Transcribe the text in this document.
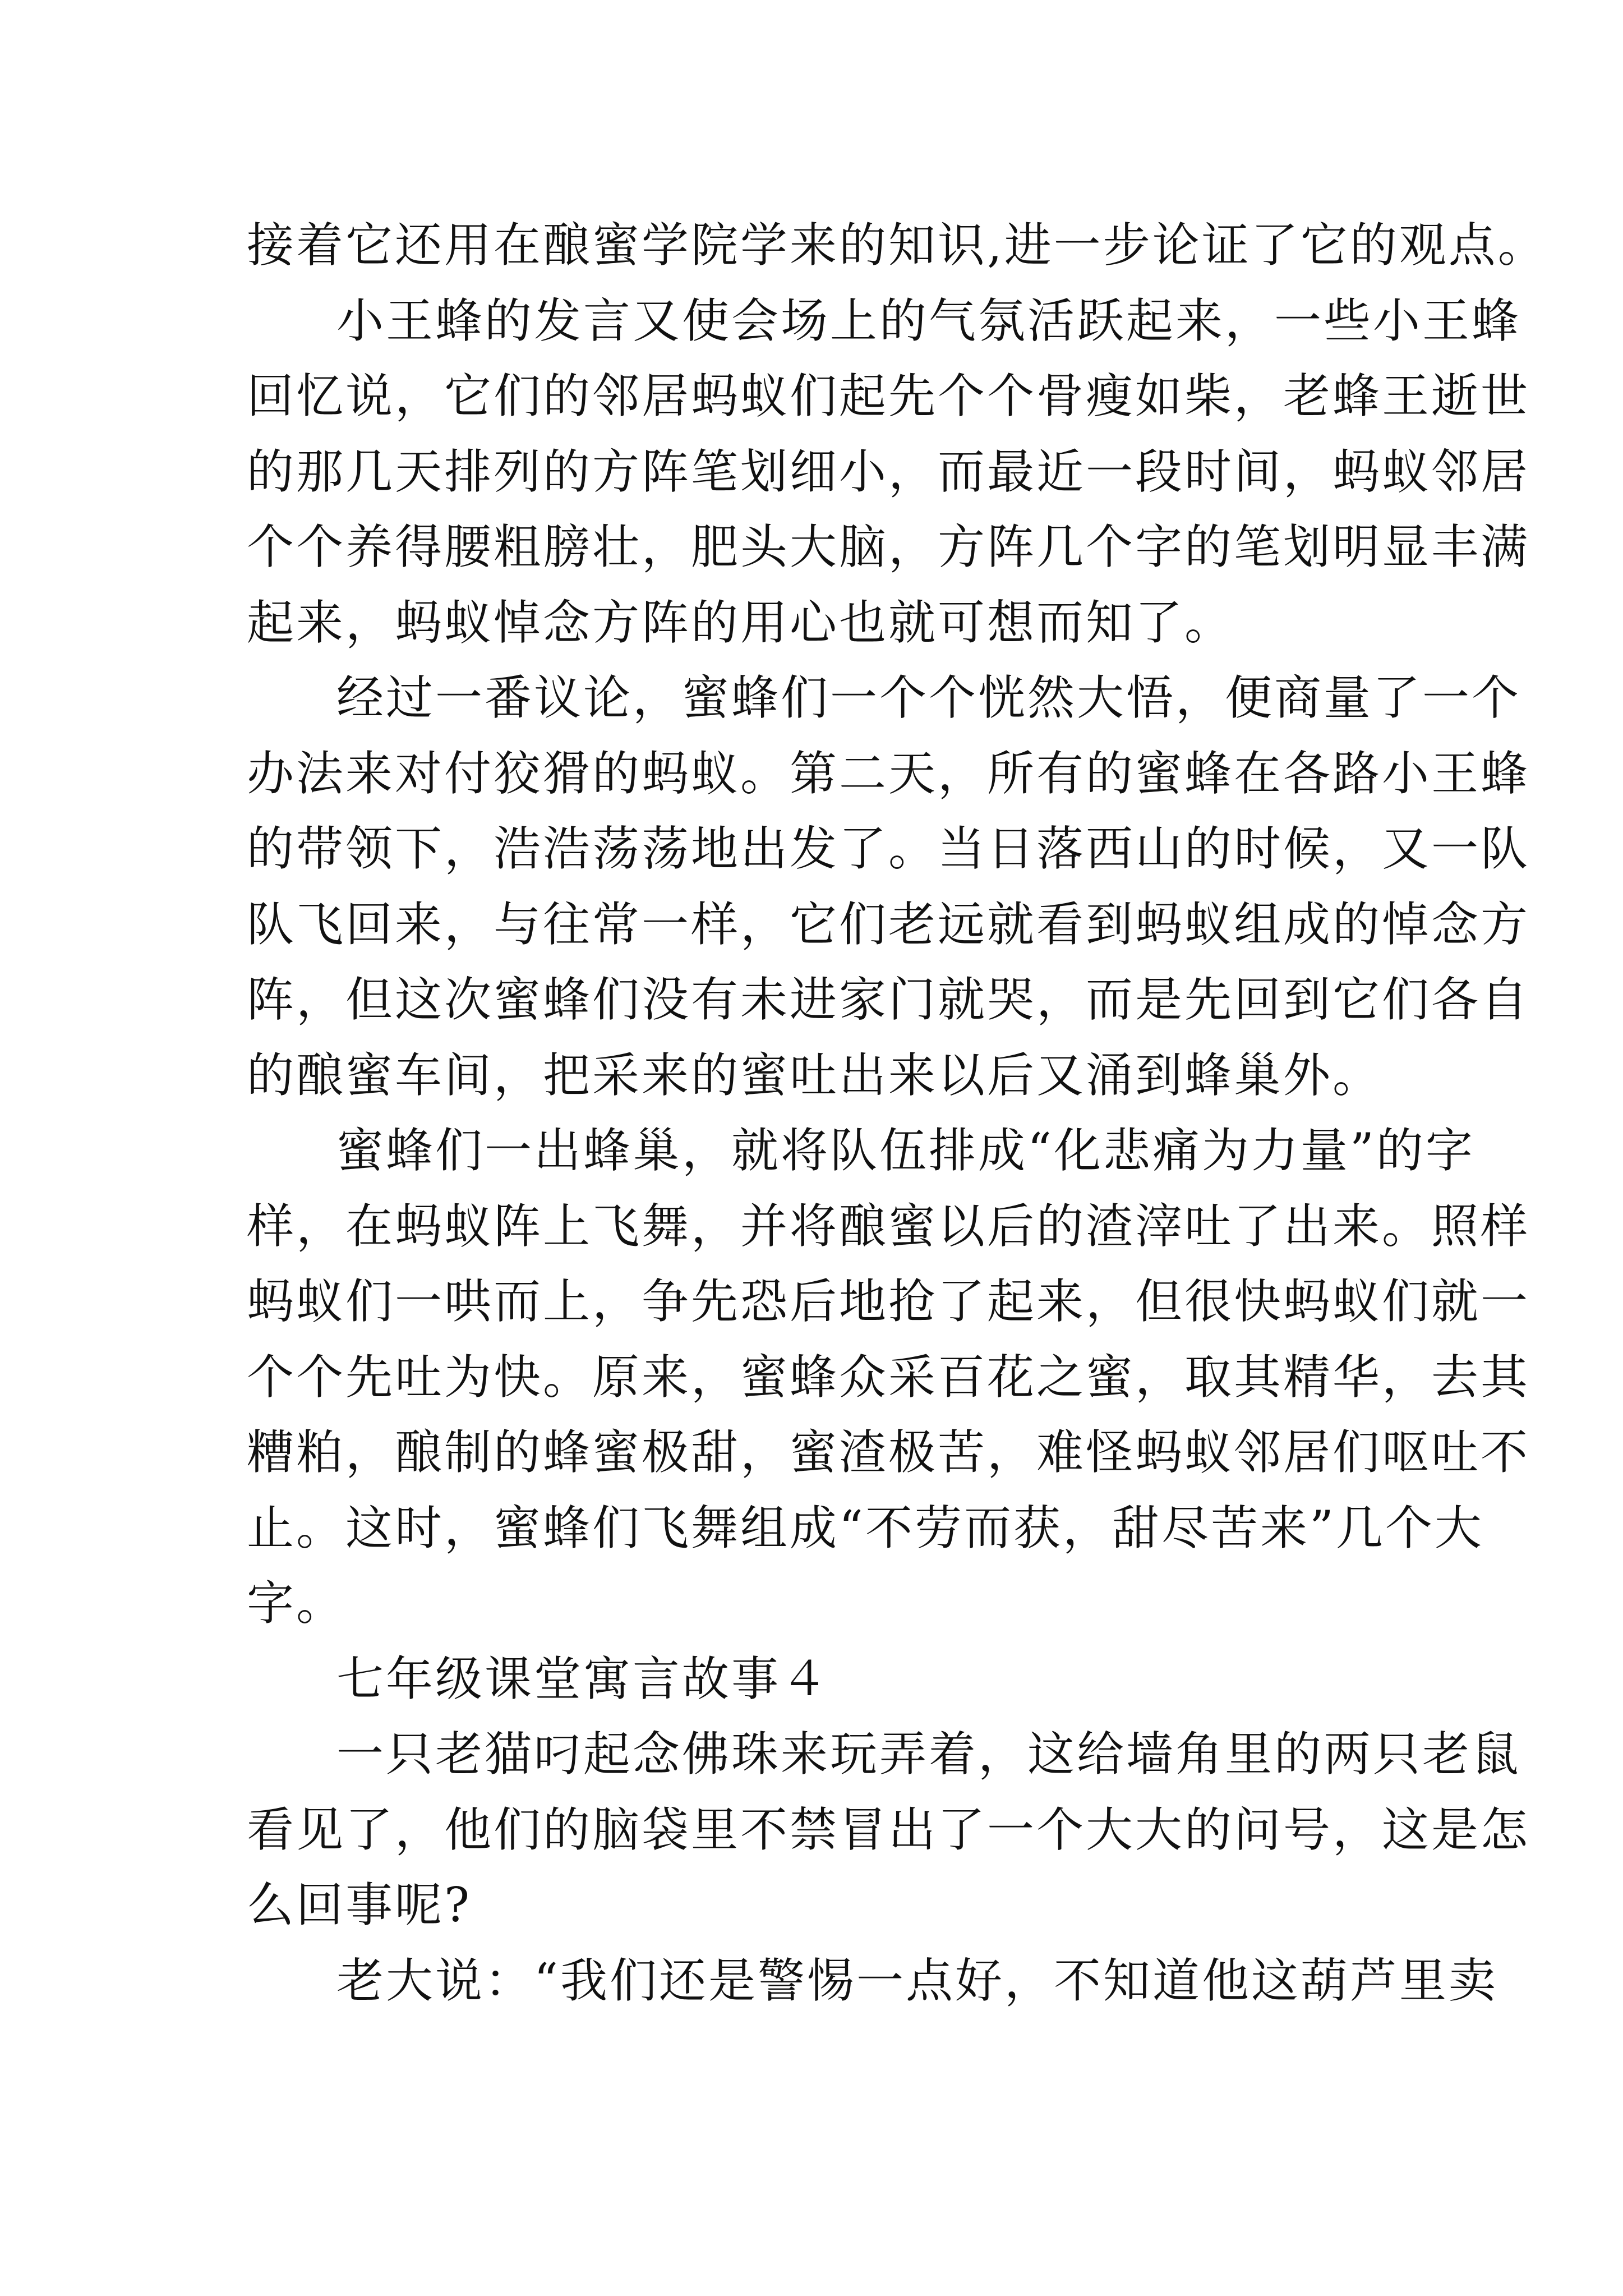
接着它还用在酿蜜学院学来的知识,进一步论证了它的观点。
小王蜂的发言又使会场上的气氛活跃起来，一些小王蜂
回忆说，它们的邻居蚂蚁们起先个个骨瘦如柴，老蜂王逝世
的那几天排列的方阵笔划细小，而最近一段时间，蚂蚁邻居
个个养得腰粗膀壮，肥头大脑，方阵几个字的笔划明显丰满
起来，蚂蚁悼念方阵的用心也就可想而知了。
经过一番议论，蜜蜂们一个个恍然大悟，便商量了一个
办法来对付狡猾的蚂蚁。第二天，所有的蜜蜂在各路小王蜂
的带领下，浩浩荡荡地出发了。当日落西山的时候，又一队
队飞回来，与往常一样，它们老远就看到蚂蚁组成的悼念方
阵，但这次蜜蜂们没有未进家门就哭，而是先回到它们各自
的酿蜜车间，把采来的蜜吐出来以后又涌到蜂巢外。
蜜蜂们一出蜂巢，就将队伍排成“化悲痛为力量”的字
样，在蚂蚁阵上飞舞，并将酿蜜以后的渣滓吐了出来。照样
蚂蚁们一哄而上，争先恐后地抢了起来，但很快蚂蚁们就一
个个先吐为快。原来，蜜蜂众采百花之蜜，取其精华，去其
糟粕，酿制的蜂蜜极甜，蜜渣极苦，难怪蚂蚁邻居们呕吐不
止。这时，蜜蜂们飞舞组成“不劳而获，甜尽苦来”几个大
字。
七年级课堂寓言故事４
一只老猫叼起念佛珠来玩弄着，这给墙角里的两只老鼠
看见了，他们的脑袋里不禁冒出了一个大大的问号，这是怎
么回事呢?
老大说：“我们还是警惕一点好，不知道他这葫芦里卖
